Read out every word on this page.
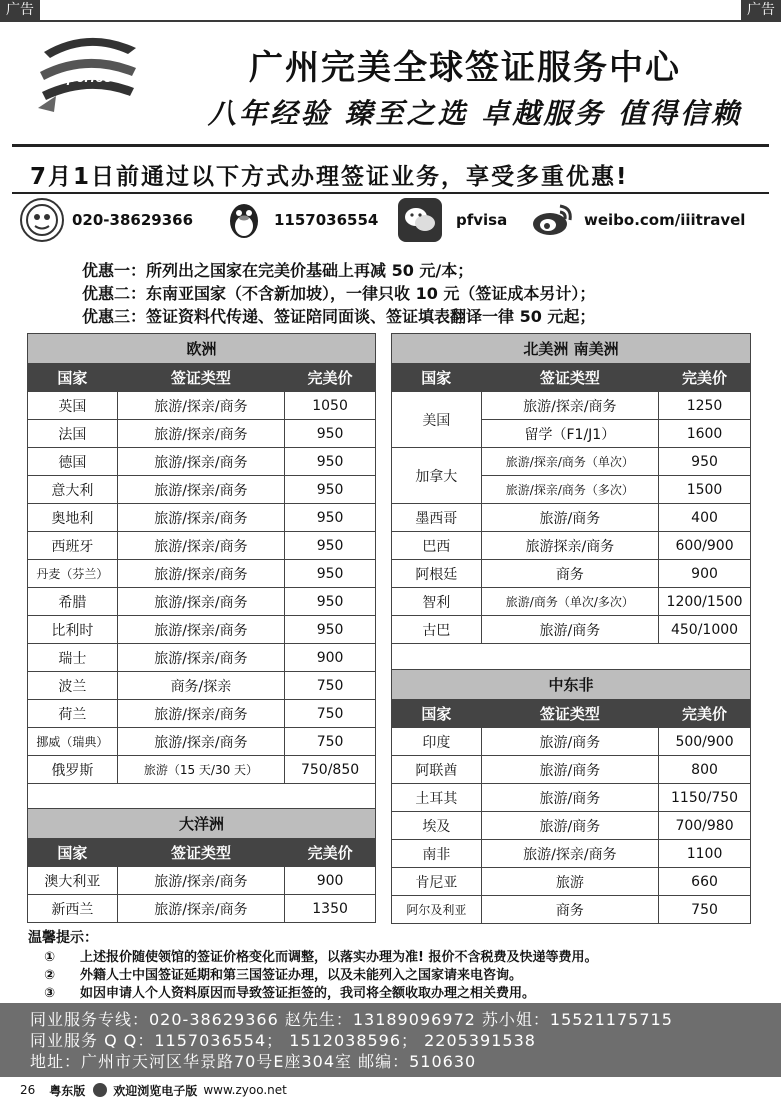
广告	广告
perfect	广州完美全球签证服务中心
八年经验 臻至之选 卓越服务 值得信赖
7月1日前通过以下方式办理签证业务，享受多重优惠!
020-38629366	1157036554	pfvisa	weibo.com/iiitravel
优惠一：所列出之国家在完美价基础上再减 50 元/本；
优惠二：东南亚国家（不含新加坡），一律只收 10 元（签证成本另计）；
优惠三：签证资料代传递、签证陪同面谈、签证填表翻译一律 50 元起；
欧洲		
国家	签证类型	完美价
英国	旅游/探亲/商务	1050
法国	旅游/探亲/商务	950
德国	旅游/探亲/商务	950
意大利	旅游/探亲/商务	950
奥地利	旅游/探亲/商务	950
西班牙	旅游/探亲/商务	950
丹麦（芬兰）	旅游/探亲/商务	950
希腊	旅游/探亲/商务	950
比利时	旅游/探亲/商务	950
瑞士	旅游/探亲/商务	900
波兰	商务/探亲	750
荷兰	旅游/探亲/商务	750
挪威（瑞典）	旅游/探亲/商务	750
俄罗斯	旅游（15 天/30 天）	750/850

大洋洲		
国家	签证类型	完美价
澳大利亚	旅游/探亲/商务	900
新西兰	旅游/探亲/商务	1350
北美洲 南美洲		
国家	签证类型	完美价
美国	旅游/探亲/商务	1250
	留学（F1/J1）	1600
加拿大	旅游/探亲/商务（单次）	950
	旅游/探亲/商务（多次）	1500
墨西哥	旅游/商务	400
巴西	旅游探亲/商务	600/900
阿根廷	商务	900
智利	旅游/商务（单次/多次）	1200/1500
古巴	旅游/商务	450/1000

中东非		
国家	签证类型	完美价
印度	旅游/商务	500/900
阿联酋	旅游/商务	800
土耳其	旅游/商务	1150/750
埃及	旅游/商务	700/980
南非	旅游/探亲/商务	1100
肯尼亚	旅游	660
阿尔及利亚	商务	750
温馨提示：
① 上述报价随使领馆的签证价格变化而调整，以落实办理为准! 报价不含税费及快递等费用。
② 外籍人士中国签证延期和第三国签证办理，以及未能列入之国家请来电咨询。
③ 如因申请人个人资料原因而导致签证拒签的，我司将全额收取办理之相关费用。
同业服务专线：020-38629366 赵先生：13189096972 苏小姐：15521175715
同业服务 Q Q：1157036554； 1512038596； 2205391538
地址：广州市天河区华景路70号E座304室 邮编：510630
26 粤东版 欢迎浏览电子版 www.zyoo.net
